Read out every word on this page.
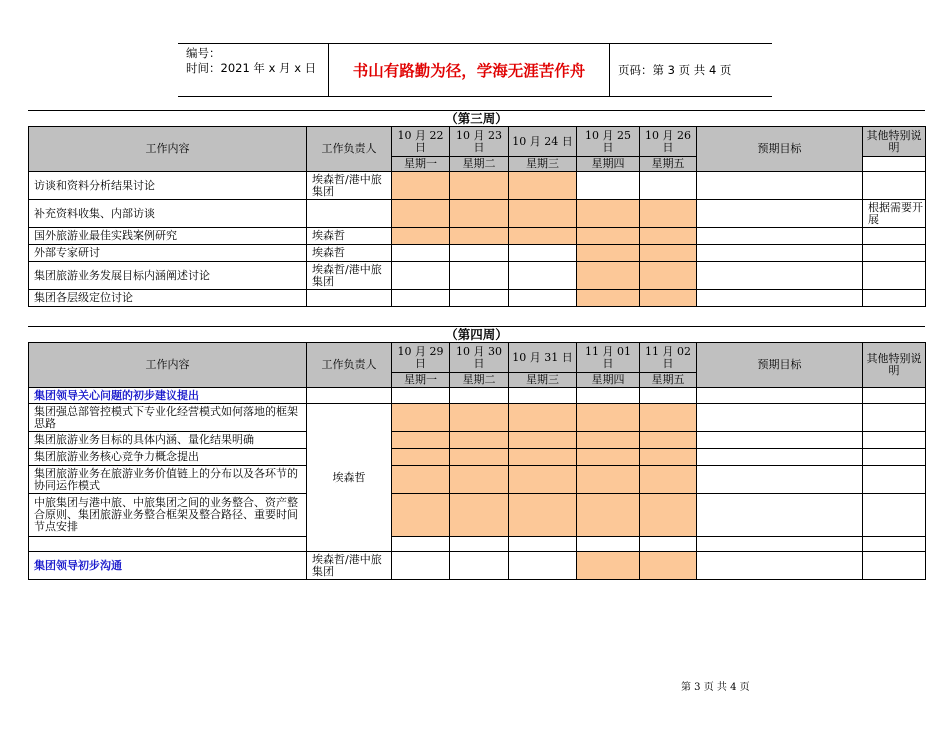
编号：
时间：2021 年 x 月 x 日	书山有路勤为径，学海无涯苦作舟	页码：第 3 页 共 4 页
（第三周）
工作内容	工作负责人	10 月 22 日	10 月 23 日	10 月 24 日	10 月 25 日	10 月 26 日	预期目标	其他特别说明
		星期一	星期二	星期三	星期四	星期五		
访谈和资料分析结果讨论	埃森哲/港中旅集团							
补充资料收集、内部访谈								根据需要开展
国外旅游业最佳实践案例研究	埃森哲							
外部专家研讨	埃森哲							
集团旅游业务发展目标内涵阐述讨论	埃森哲/港中旅集团							
集团各层级定位讨论								
（第四周）
工作内容	工作负责人	10 月 29 日	10 月 30 日	10 月 31 日	11 月 01 日	11 月 02 日	预期目标	其他特别说明
		星期一	星期二	星期三	星期四	星期五		
集团领导关心问题的初步建议提出								
集团强总部管控模式下专业化经营模式如何落地的框架思路	埃森哲							
集团旅游业务目标的具体内涵、量化结果明确								
集团旅游业务核心竞争力概念提出								
集团旅游业务在旅游业务价值链上的分布以及各环节的协同运作模式								
中旅集团与港中旅、中旅集团之间的业务整合、资产整合原则、集团旅游业务整合框架及整合路径、重要时间节点安排								

集团领导初步沟通	埃森哲/港中旅集团							
第 3 页 共 4 页
